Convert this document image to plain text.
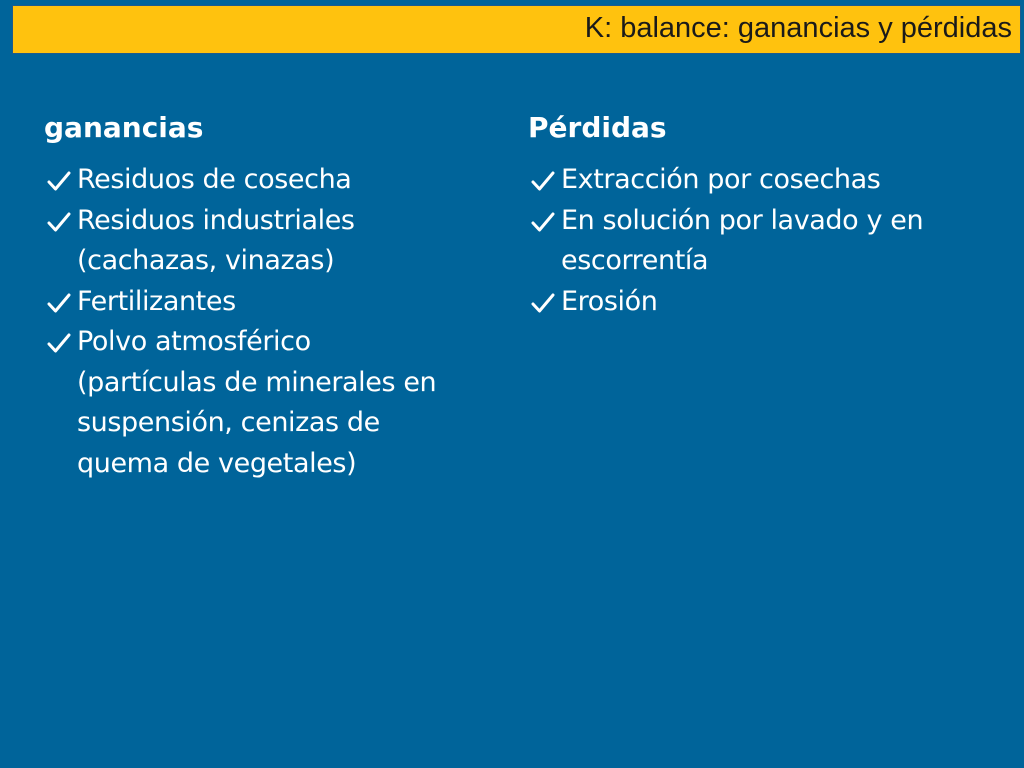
K: balance: ganancias y pérdidas
ganancias
Residuos de cosecha
Residuos industriales
(cachazas, vinazas)
Fertilizantes
Polvo atmosférico
(partículas de minerales en
suspensión, cenizas de
quema de vegetales)
Pérdidas
Extracción por cosechas
En solución por lavado y en
escorrentía
Erosión
